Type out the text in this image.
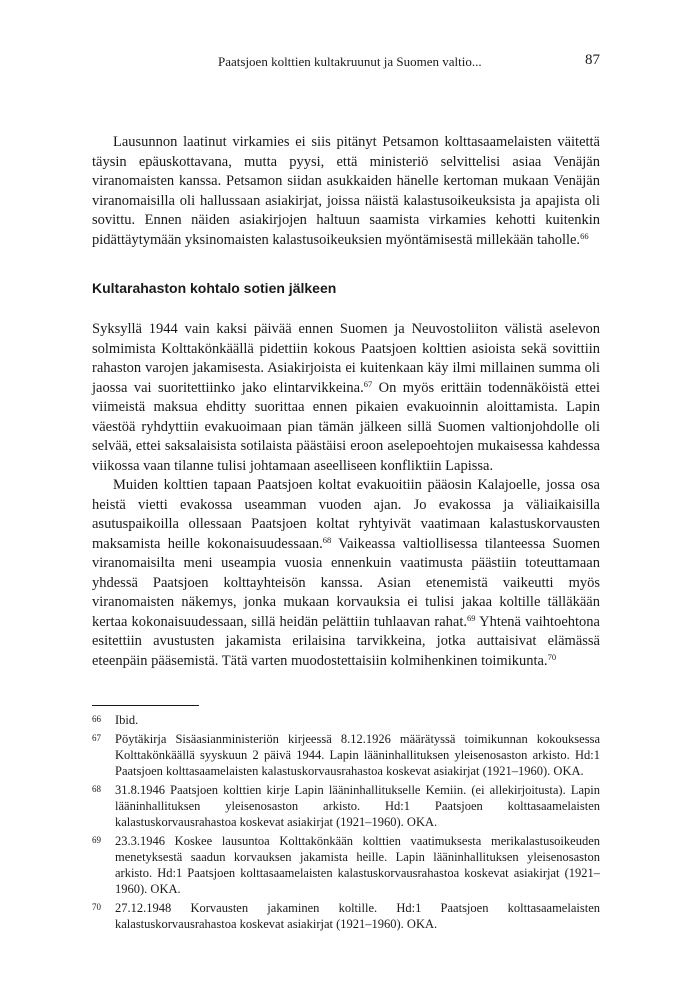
Paatsjoen kolttien kultakruunut ja Suomen valtio...	87

Lausunnon laatinut virkamies ei siis pitänyt Petsamon kolttasaamelaisten väitettä täysin epäuskottavana, mutta pyysi, että ministeriö selvittelisi asiaa Venäjän viranomaisten kanssa. Petsamon siidan asukkaiden hänelle kertoman mukaan Venäjän viranomaisilla oli hallussaan asiakirjat, joissa näistä kalastusoikeuksista ja apajista oli sovittu. Ennen näiden asiakirjojen haltuun saamista virkamies kehotti kuitenkin pidättäytymään yksinomaisten kalastusoikeuksien myöntämisestä millekään taholle.$^{66}$

Kultarahaston kohtalo sotien jälkeen

Syksyllä 1944 vain kaksi päivää ennen Suomen ja Neuvostoliiton välistä aselevon solmimista Kolttakönkäällä pidettiin kokous Paatsjoen kolttien asioista sekä sovittiin rahaston varojen jakamisesta. Asiakirjoista ei kuitenkaan käy ilmi millainen summa oli jaossa vai suoritettiinko jako elintarvikkeina.$^{67}$ On myös erittäin todennäköistä ettei viimeistä maksua ehditty suorittaa ennen pikaien evakuoinnin aloittamista. Lapin väestöä ryhdyttiin evakuoimaan pian tämän jälkeen sillä Suomen valtionjohdolle oli selvää, ettei saksalaisista sotilaista päästäisi eroon aselepoehtojen mukaisessa kahdessa viikossa vaan tilanne tulisi johtamaan aseelliseen konfliktiin Lapissa.

Muiden kolttien tapaan Paatsjoen koltat evakuoitiin pääosin Kalajoelle, jossa osa heistä vietti evakossa useamman vuoden ajan. Jo evakossa ja väliaikaisilla asutuspaikoilla ollessaan Paatsjoen koltat ryhtyivät vaatimaan kalastuskorvausten maksamista heille kokonaisuudessaan.$^{68}$ Vaikeassa valtiollisessa tilanteessa Suomen viranomaisilta meni useampia vuosia ennenkuin vaatimusta päästiin toteuttamaan yhdessä Paatsjoen kolttayhteisön kanssa. Asian etenemistä vaikeutti myös viranomaisten näkemys, jonka mukaan korvauksia ei tulisi jakaa koltille tälläkään kertaa kokonaisuudessaan, sillä heidän pelättiin tuhlaavan rahat.$^{69}$ Yhtenä vaihtoehtona esitettiin avustusten jakamista erilaisina tarvikkeina, jotka auttaisivat elämässä eteenpäin pääsemistä. Tätä varten muodostettaisiin kolmihenkinen toimikunta.$^{70}$

66 Ibid.
67 Pöytäkirja Sisäasianministeriön kirjeessä 8.12.1926 määrätyssä toimikunnan kokouksessa Kolttakönkäällä syyskuun 2 päivä 1944. Lapin lääninhallituksen yleisenosaston arkisto. Hd:1 Paatsjoen kolttasaamelaisten kalastuskorvausrahastoa koskevat asiakirjat (1921–1960). OKA.
68 31.8.1946 Paatsjoen kolttien kirje Lapin lääninhallitukselle Kemiin. (ei allekirjoitusta). Lapin lääninhallituksen yleisenosaston arkisto. Hd:1 Paatsjoen kolttasaamelaisten kalastuskorvausrahastoa koskevat asiakirjat (1921–1960). OKA.
69 23.3.1946 Koskee lausuntoa Kolttakönkään kolttien vaatimuksesta merikalastusoikeuden menetyksestä saadun korvauksen jakamista heille. Lapin lääninhallituksen yleisenosaston arkisto. Hd:1 Paatsjoen kolttasaamelaisten kalastuskorvausrahastoa koskevat asiakirjat (1921–1960). OKA.
70 27.12.1948 Korvausten jakaminen koltille. Hd:1 Paatsjoen kolttasaamelaisten kalastuskorvausrahastoa koskevat asiakirjat (1921–1960). OKA.
